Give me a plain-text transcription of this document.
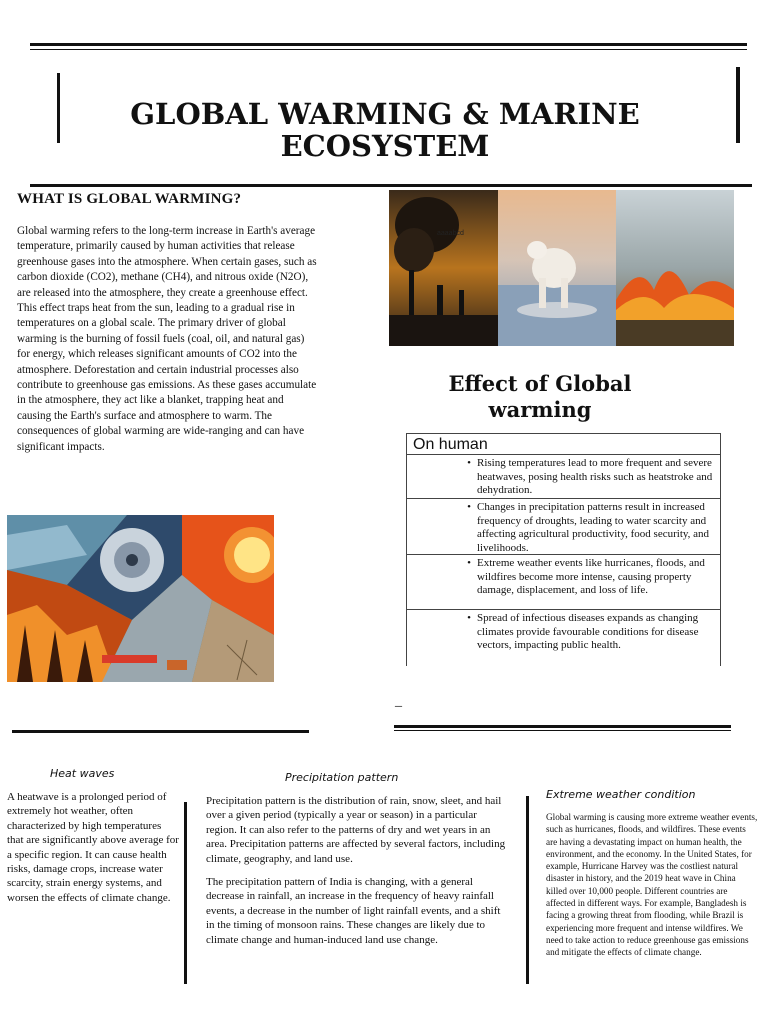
GLOBAL WARMING & MARINE ECOSYSTEM
WHAT IS GLOBAL WARMING?
Global warming refers to the long-term increase in Earth's average temperature, primarily caused by human activities that release greenhouse gases into the atmosphere. When certain gases, such as carbon dioxide (CO2), methane (CH4), and nitrous oxide (N2O), are released into the atmosphere, they create a greenhouse effect. This effect traps heat from the sun, leading to a gradual rise in temperatures on a global scale. The primary driver of global warming is the burning of fossil fuels (coal, oil, and natural gas) for energy, which releases significant amounts of CO2 into the atmosphere. Deforestation and certain industrial processes also contribute to greenhouse gas emissions. As these gases accumulate in the atmosphere, they act like a blanket, trapping heat and causing the Earth's surface and atmosphere to warm. The consequences of global warming are wide-ranging and can have significant impacts.
aaaabcd
Effect of Global
warming
On human
• Rising temperatures lead to more frequent and severe heatwaves, posing health risks such as heatstroke and dehydration.
• Changes in precipitation patterns result in increased frequency of droughts, leading to water scarcity and affecting agricultural productivity, food security, and livelihoods.
• Extreme weather events like hurricanes, floods, and wildfires become more intense, causing property damage, displacement, and loss of life.
• Spread of infectious diseases expands as changing climates provide favourable conditions for disease vectors, impacting public health.
_
Heat waves
A heatwave is a prolonged period of extremely hot weather, often characterized by high temperatures that are significantly above average for a specific region. It can cause health risks, damage crops, increase water scarcity, strain energy systems, and worsen the effects of climate change.
Precipitation pattern
Precipitation pattern is the distribution of rain, snow, sleet, and hail over a given period (typically a year or season) in a particular region. It can also refer to the patterns of dry and wet years in an area. Precipitation patterns are affected by several factors, including climate, geography, and land use.
The precipitation pattern of India is changing, with a general decrease in rainfall, an increase in the frequency of heavy rainfall events, a decrease in the number of light rainfall events, and a shift in the timing of monsoon rains. These changes are likely due to climate change and human-induced land use change.
Extreme weather condition
Global warming is causing more extreme weather events, such as hurricanes, floods, and wildfires. These events are having a devastating impact on human health, the environment, and the economy. In the United States, for example, Hurricane Harvey was the costliest natural disaster in history, and the 2019 heat wave in China killed over 10,000 people. Different countries are affected in different ways. For example, Bangladesh is facing a growing threat from flooding, while Brazil is experiencing more frequent and intense wildfires. We need to take action to reduce greenhouse gas emissions and mitigate the effects of climate change.
